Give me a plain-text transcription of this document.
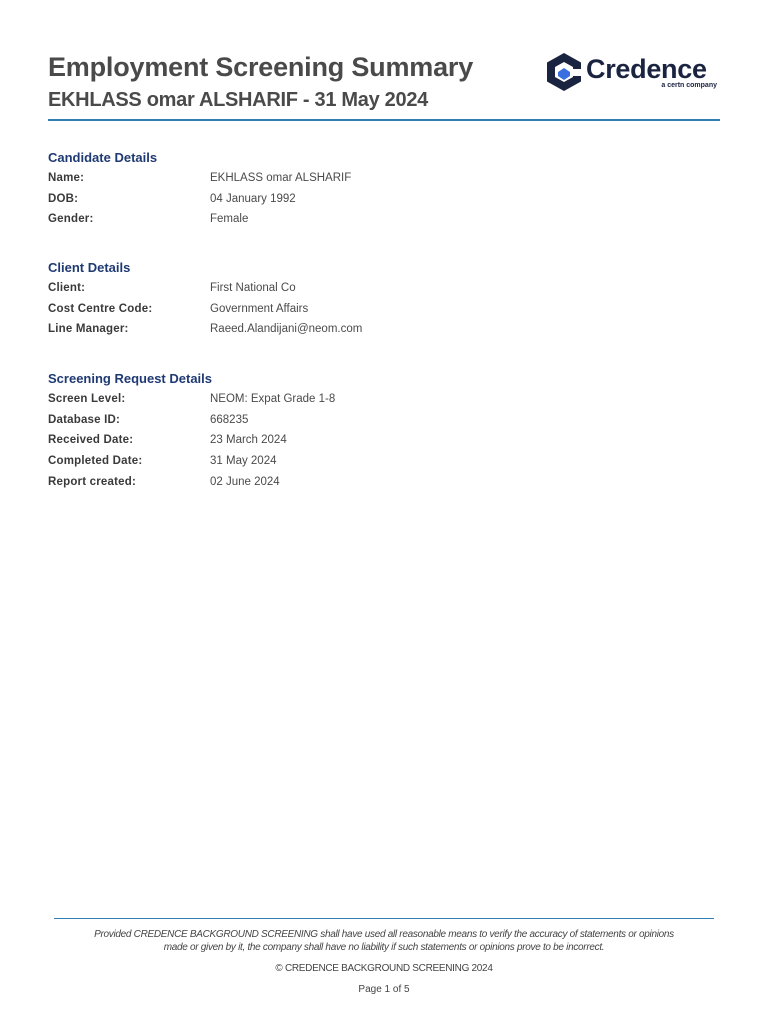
Employment Screening Summary
EKHLASS omar ALSHARIF - 31 May 2024
Credence
a certn company
Candidate Details
Name:	EKHLASS omar ALSHARIF
DOB:	04 January 1992
Gender:	Female
Client Details
Client:	First National Co
Cost Centre Code:	Government Affairs
Line Manager:	Raeed.Alandijani@neom.com
Screening Request Details
Screen Level:	NEOM: Expat Grade 1-8
Database ID:	668235
Received Date:	23 March 2024
Completed Date:	31 May 2024
Report created:	02 June 2024
Provided CREDENCE BACKGROUND SCREENING shall have used all reasonable means to verify the accuracy of statements or opinions
made or given by it, the company shall have no liability if such statements or opinions prove to be incorrect.
© CREDENCE BACKGROUND SCREENING 2024
Page 1 of 5
